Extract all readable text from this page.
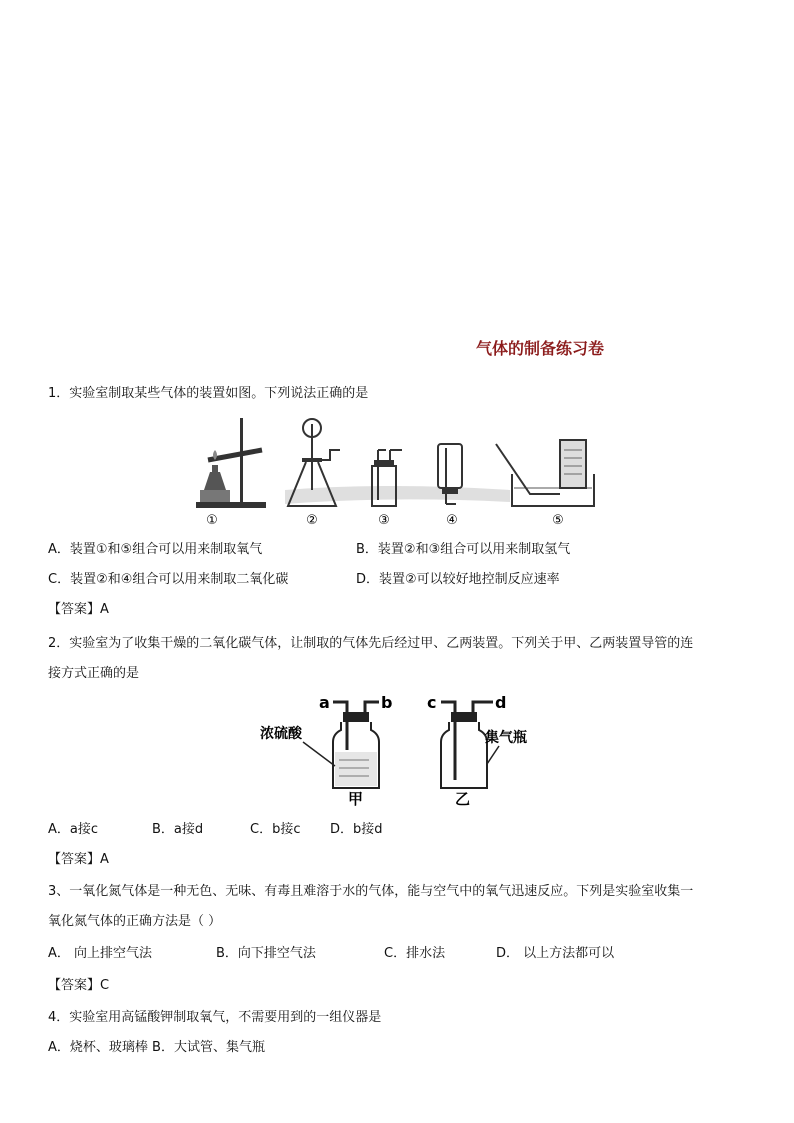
气体的制备练习卷
1．实验室制取某些气体的装置如图。下列说法正确的是
①	②	③	④	⑤
A．装置①和⑤组合可以用来制取氧气	B．装置②和③组合可以用来制取氢气
C．装置②和④组合可以用来制取二氧化碳	D．装置②可以较好地控制反应速率
【答案】A
2．实验室为了收集干燥的二氧化碳气体，让制取的气体先后经过甲、乙两装置。下列关于甲、乙两装置导管的连
接方式正确的是
a	b
浓硫酸
甲
c	d
集气瓶
乙
A．a接c	B．a接d	C．b接c D．b接d
【答案】A
3、一氧化氮气体是一种无色、无味、有毒且难溶于水的气体，能与空气中的氧气迅速反应。下列是实验室收集一
氧化氮气体的正确方法是（ ）
A． 向上排空气法	B．向下排空气法	C．排水法	D． 以上方法都可以
【答案】C
4．实验室用高锰酸钾制取氧气，不需要用到的一组仪器是
A．烧杯、玻璃棒 B．大试管、集气瓶
